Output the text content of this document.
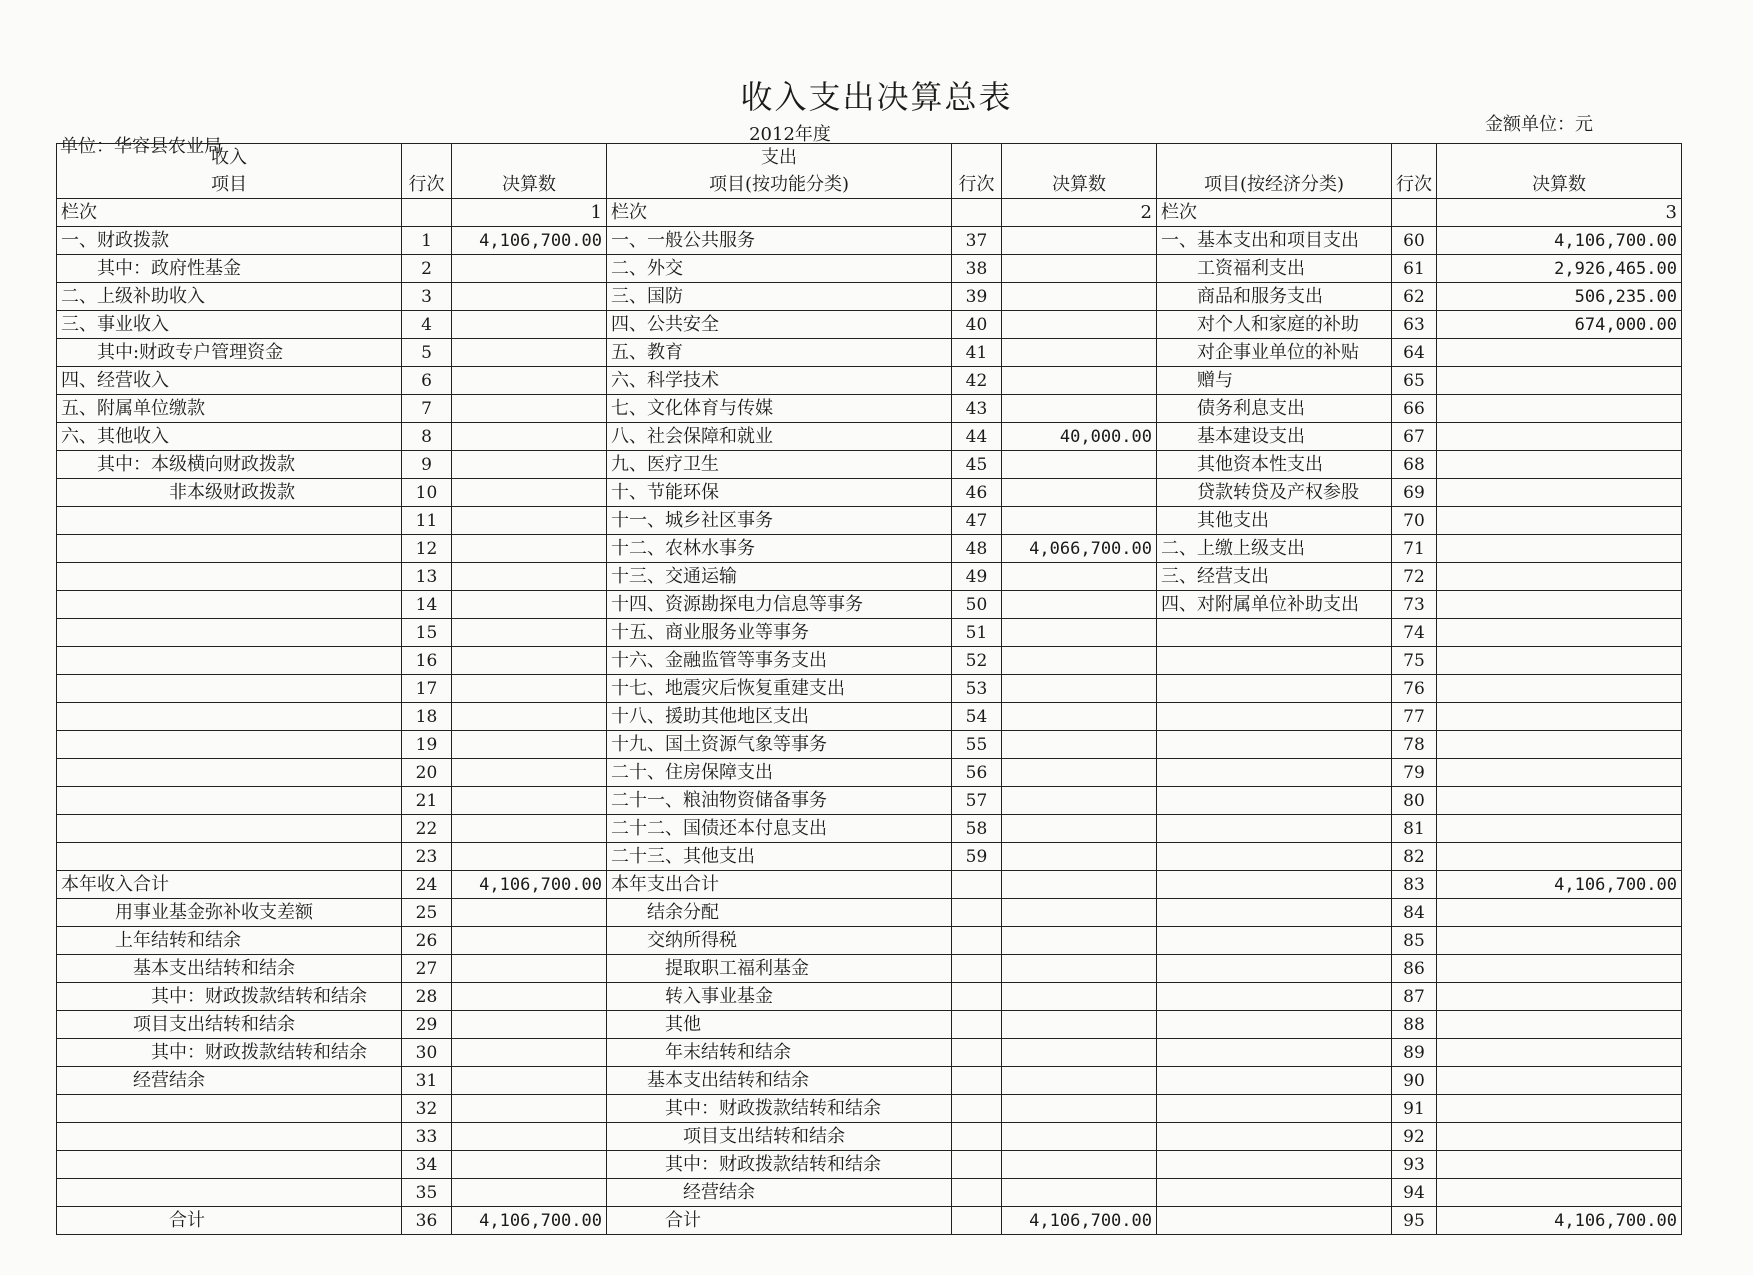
收入支出决算总表
金额单位：元
2012年度
单位：华容县农业局
收入			支出					
项目	行次	决算数	项目(按功能分类)	行次	决算数	项目(按经济分类)	行次	决算数
栏次		1	栏次		2	栏次		3
一、财政拨款	1	4,106,700.00	一、一般公共服务	37		一、基本支出和项目支出	60	4,106,700.00
其中：政府性基金	2		二、外交	38		工资福利支出	61	2,926,465.00
二、上级补助收入	3		三、国防	39		商品和服务支出	62	506,235.00
三、事业收入	4		四、公共安全	40		对个人和家庭的补助	63	674,000.00
其中:财政专户管理资金	5		五、教育	41		对企事业单位的补贴	64	
四、经营收入	6		六、科学技术	42		赠与	65	
五、附属单位缴款	7		七、文化体育与传媒	43		债务利息支出	66	
六、其他收入	8		八、社会保障和就业	44	40,000.00	基本建设支出	67	
其中：本级横向财政拨款	9		九、医疗卫生	45		其他资本性支出	68	
非本级财政拨款	10		十、节能环保	46		贷款转贷及产权参股	69	
	11		十一、城乡社区事务	47		其他支出	70	
	12		十二、农林水事务	48	4,066,700.00	二、上缴上级支出	71	
	13		十三、交通运输	49		三、经营支出	72	
	14		十四、资源勘探电力信息等事务	50		四、对附属单位补助支出	73	
	15		十五、商业服务业等事务	51			74	
	16		十六、金融监管等事务支出	52			75	
	17		十七、地震灾后恢复重建支出	53			76	
	18		十八、援助其他地区支出	54			77	
	19		十九、国土资源气象等事务	55			78	
	20		二十、住房保障支出	56			79	
	21		二十一、粮油物资储备事务	57			80	
	22		二十二、国债还本付息支出	58			81	
	23		二十三、其他支出	59			82	
本年收入合计	24	4,106,700.00	本年支出合计				83	4,106,700.00
用事业基金弥补收支差额	25		结余分配				84	
上年结转和结余	26		交纳所得税				85	
基本支出结转和结余	27		提取职工福利基金				86	
其中：财政拨款结转和结余	28		转入事业基金				87	
项目支出结转和结余	29		其他				88	
其中：财政拨款结转和结余	30		年末结转和结余				89	
经营结余	31		基本支出结转和结余				90	
	32		其中：财政拨款结转和结余				91	
	33		项目支出结转和结余				92	
	34		其中：财政拨款结转和结余				93	
	35		经营结余				94	
合计	36	4,106,700.00	合计		4,106,700.00		95	4,106,700.00
